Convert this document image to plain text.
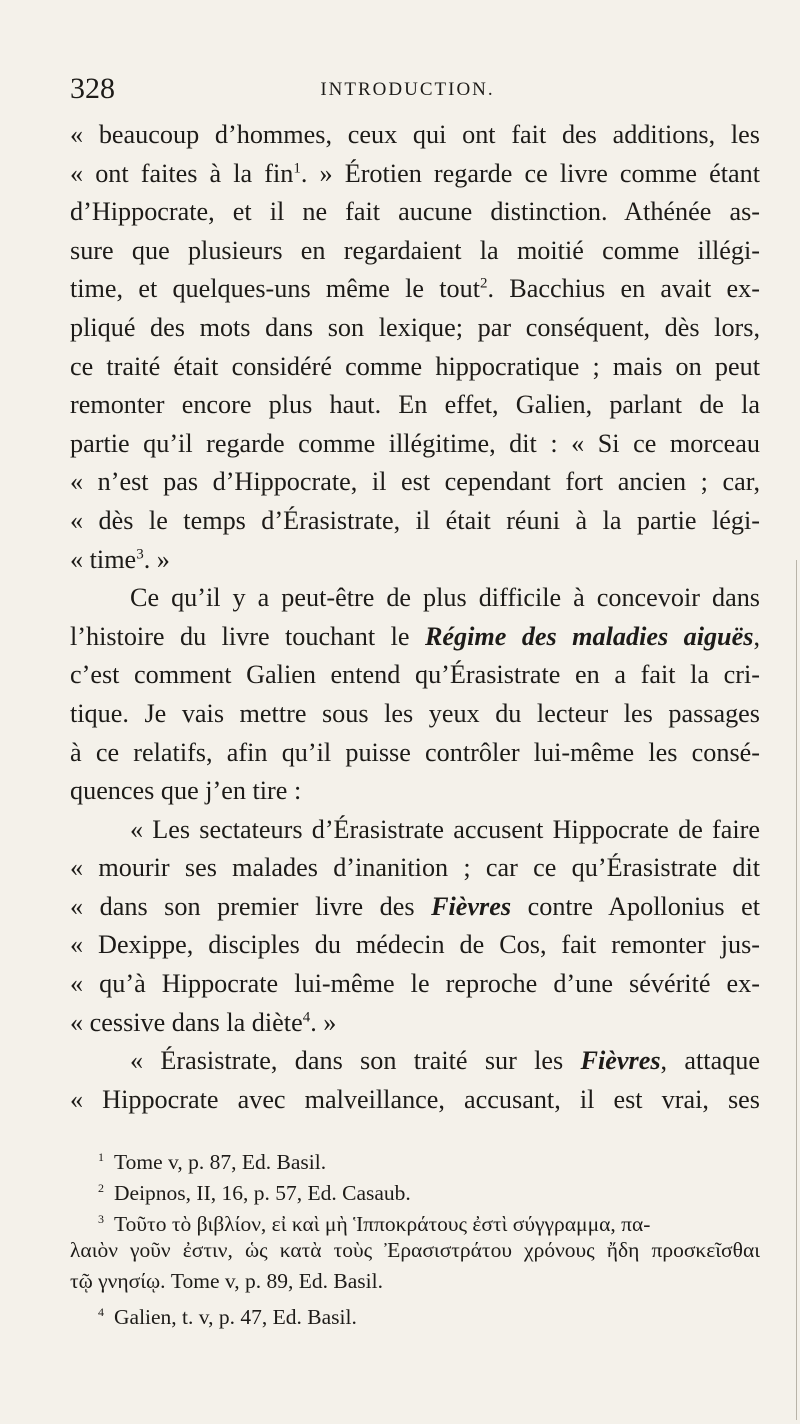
328	INTRODUCTION.
« beaucoup d’hommes, ceux qui ont fait des additions, les
« ont faites à la fin$^1$. » Érotien regarde ce livre comme étant
d’Hippocrate, et il ne fait aucune distinction. Athénée as-
sure que plusieurs en regardaient la moitié comme illégi-
time, et quelques-uns même le tout$^2$. Bacchius en avait ex-
pliqué des mots dans son lexique; par conséquent, dès lors,
ce traité était considéré comme hippocratique ; mais on peut
remonter encore plus haut. En effet, Galien, parlant de la
partie qu’il regarde comme illégitime, dit : « Si ce morceau
« n’est pas d’Hippocrate, il est cependant fort ancien ; car,
« dès le temps d’Érasistrate, il était réuni à la partie légi-
« time$^3$. »
Ce qu’il y a peut-être de plus difficile à concevoir dans
l’histoire du livre touchant le Régime des maladies aiguës,
c’est comment Galien entend qu’Érasistrate en a fait la cri-
tique. Je vais mettre sous les yeux du lecteur les passages
à ce relatifs, afin qu’il puisse contrôler lui-même les consé-
quences que j’en tire :
« Les sectateurs d’Érasistrate accusent Hippocrate de faire
« mourir ses malades d’inanition ; car ce qu’Érasistrate dit
« dans son premier livre des Fièvres contre Apollonius et
« Dexippe, disciples du médecin de Cos, fait remonter jus-
« qu’à Hippocrate lui-même le reproche d’une sévérité ex-
« cessive dans la diète$^4$. »
« Érasistrate, dans son traité sur les Fièvres, attaque
« Hippocrate avec malveillance, accusant, il est vrai, ses
$^1$ Tome v, p. 87, Ed. Basil.
$^2$ Deipnos, II, 16, p. 57, Ed. Casaub.
$^3$ Τοῦτο τὸ βιβλίον, εἰ καὶ μὴ Ἱπποκράτους ἐστὶ σύγγραμμα, πα-
λαιὸν γοῦν ἐστιν, ὡς κατὰ τοὺς Ἐρασιστράτου χρόνους ἤδη προσκεῖσθαι
τῷ γνησίῳ. Tome v, p. 89, Ed. Basil.
$^4$ Galien, t. v, p. 47, Ed. Basil.
